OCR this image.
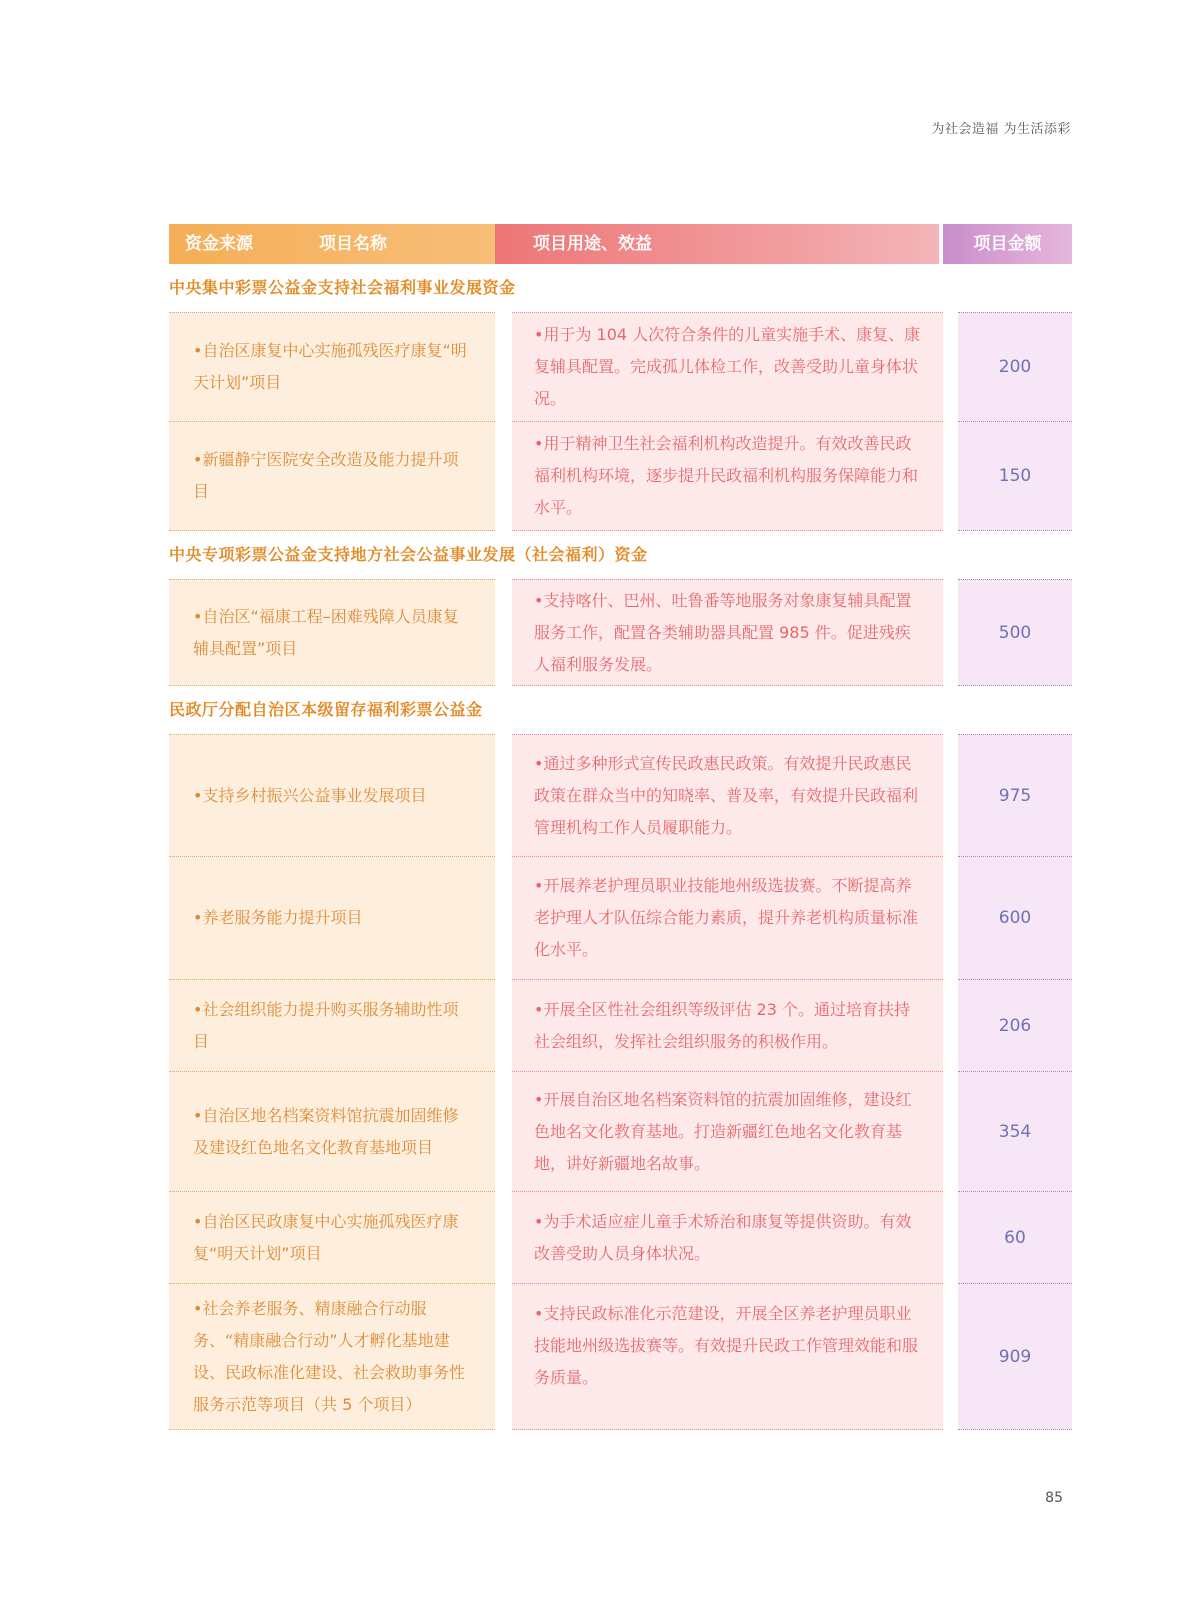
为社会造福 为生活添彩
资金来源	项目名称	项目用途、效益	项目金额
中央集中彩票公益金支持社会福利事业发展资金
•自治区康复中心实施孤残医疗康复“明天计划”项目
•用于为 104 人次符合条件的儿童实施手术、康复、康复辅具配置。完成孤儿体检工作，改善受助儿童身体状况。
200
•新疆静宁医院安全改造及能力提升项目
•用于精神卫生社会福利机构改造提升。有效改善民政福利机构环境，逐步提升民政福利机构服务保障能力和水平。
150
中央专项彩票公益金支持地方社会公益事业发展（社会福利）资金
•自治区“福康工程–困难残障人员康复辅具配置”项目
•支持喀什、巴州、吐鲁番等地服务对象康复辅具配置服务工作，配置各类辅助器具配置 985 件。促进残疾人福利服务发展。
500
民政厅分配自治区本级留存福利彩票公益金
•支持乡村振兴公益事业发展项目
•通过多种形式宣传民政惠民政策。有效提升民政惠民政策在群众当中的知晓率、普及率，有效提升民政福利管理机构工作人员履职能力。
975
•养老服务能力提升项目
•开展养老护理员职业技能地州级选拔赛。不断提高养老护理人才队伍综合能力素质，提升养老机构质量标准化水平。
600
•社会组织能力提升购买服务辅助性项目
•开展全区性社会组织等级评估 23 个。通过培育扶持社会组织，发挥社会组织服务的积极作用。
206
•自治区地名档案资料馆抗震加固维修及建设红色地名文化教育基地项目
•开展自治区地名档案资料馆的抗震加固维修，建设红色地名文化教育基地。打造新疆红色地名文化教育基地，讲好新疆地名故事。
354
•自治区民政康复中心实施孤残医疗康复“明天计划”项目
•为手术适应症儿童手术矫治和康复等提供资助。有效改善受助人员身体状况。
60
•社会养老服务、精康融合行动服务、“精康融合行动”人才孵化基地建设、民政标准化建设、社会救助事务性服务示范等项目（共 5 个项目）
•支持民政标准化示范建设，开展全区养老护理员职业技能地州级选拔赛等。有效提升民政工作管理效能和服务质量。
909
85
